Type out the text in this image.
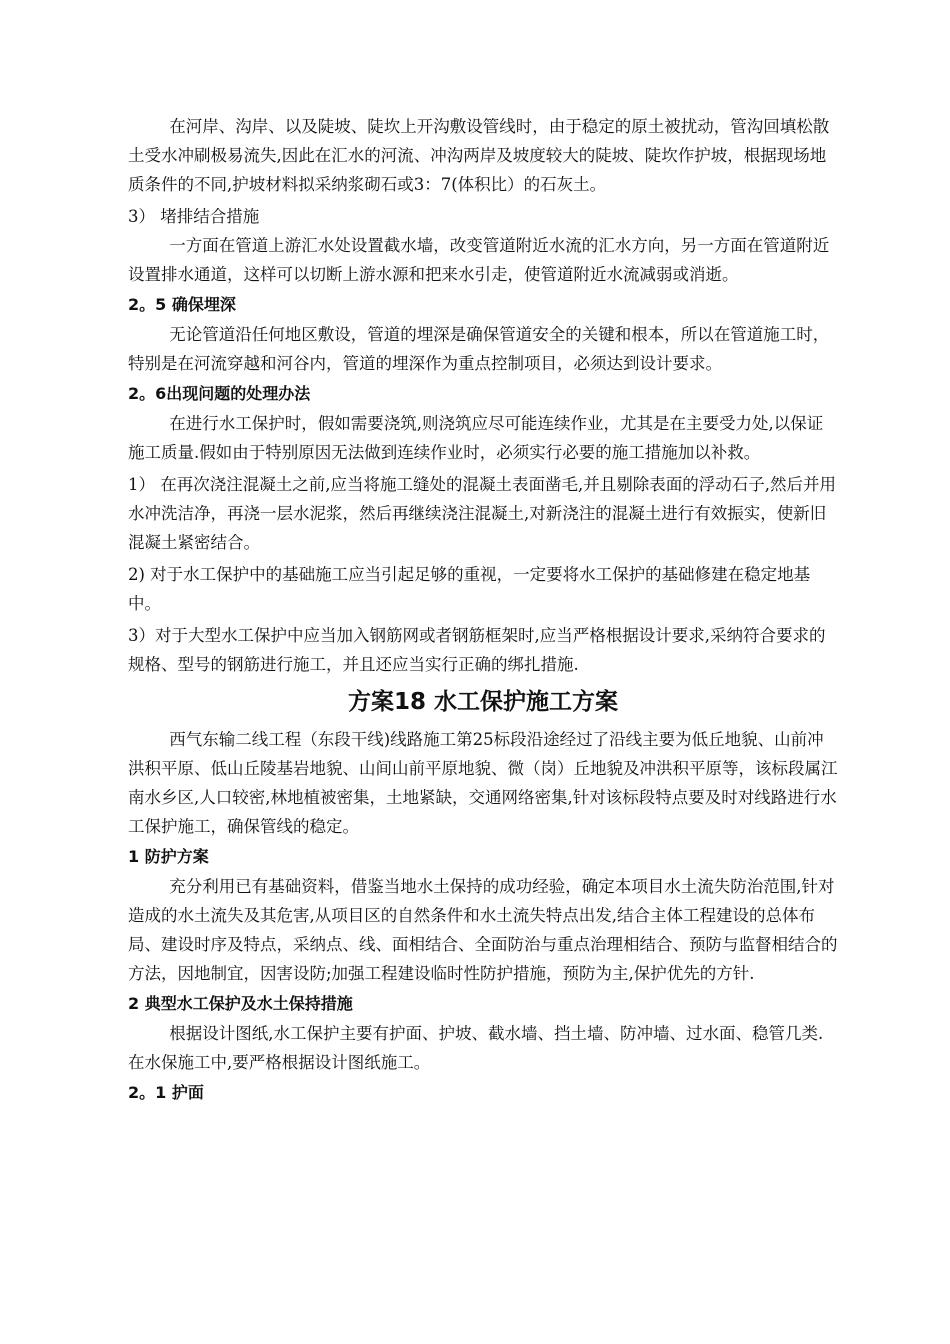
在河岸、沟岸、以及陡坡、陡坎上开沟敷设管线时，由于稳定的原土被扰动，管沟回填松散土受水冲刷极易流失,因此在汇水的河流、冲沟两岸及坡度较大的陡坡、陡坎作护坡，根据现场地质条件的不同,护坡材料拟采纳浆砌石或3：7(体积比）的石灰土。

3） 堵排结合措施

一方面在管道上游汇水处设置截水墙，改变管道附近水流的汇水方向，另一方面在管道附近设置排水通道，这样可以切断上游水源和把来水引走，使管道附近水流减弱或消逝。

2。5 确保埋深

无论管道沿任何地区敷设，管道的埋深是确保管道安全的关键和根本，所以在管道施工时，特别是在河流穿越和河谷内，管道的埋深作为重点控制项目，必须达到设计要求。

2。6出现问题的处理办法

在进行水工保护时，假如需要浇筑,则浇筑应尽可能连续作业，尤其是在主要受力处,以保证施工质量.假如由于特别原因无法做到连续作业时，必须实行必要的施工措施加以补救。

1） 在再次浇注混凝土之前,应当将施工缝处的混凝土表面凿毛,并且剔除表面的浮动石子,然后并用水冲洗洁净，再浇一层水泥浆，然后再继续浇注混凝土,对新浇注的混凝土进行有效振实，使新旧混凝土紧密结合。

2) 对于水工保护中的基础施工应当引起足够的重视，一定要将水工保护的基础修建在稳定地基中。

3）对于大型水工保护中应当加入钢筋网或者钢筋框架时,应当严格根据设计要求,采纳符合要求的规格、型号的钢筋进行施工，并且还应当实行正确的绑扎措施.

方案18 水工保护施工方案

西气东输二线工程（东段干线)线路施工第25标段沿途经过了沿线主要为低丘地貌、山前冲洪积平原、低山丘陵基岩地貌、山间山前平原地貌、微（岗）丘地貌及冲洪积平原等，该标段属江南水乡区,人口较密,林地植被密集，土地紧缺，交通网络密集,针对该标段特点要及时对线路进行水工保护施工，确保管线的稳定。

1 防护方案

充分利用已有基础资料，借鉴当地水土保持的成功经验，确定本项目水土流失防治范围,针对造成的水土流失及其危害,从项目区的自然条件和水土流失特点出发,结合主体工程建设的总体布局、建设时序及特点，采纳点、线、面相结合、全面防治与重点治理相结合、预防与监督相结合的方法，因地制宜，因害设防;加强工程建设临时性防护措施，预防为主,保护优先的方针.

2 典型水工保护及水土保持措施

根据设计图纸,水工保护主要有护面、护坡、截水墙、挡土墙、防冲墙、过水面、稳管几类.在水保施工中,要严格根据设计图纸施工。

2。1 护面
